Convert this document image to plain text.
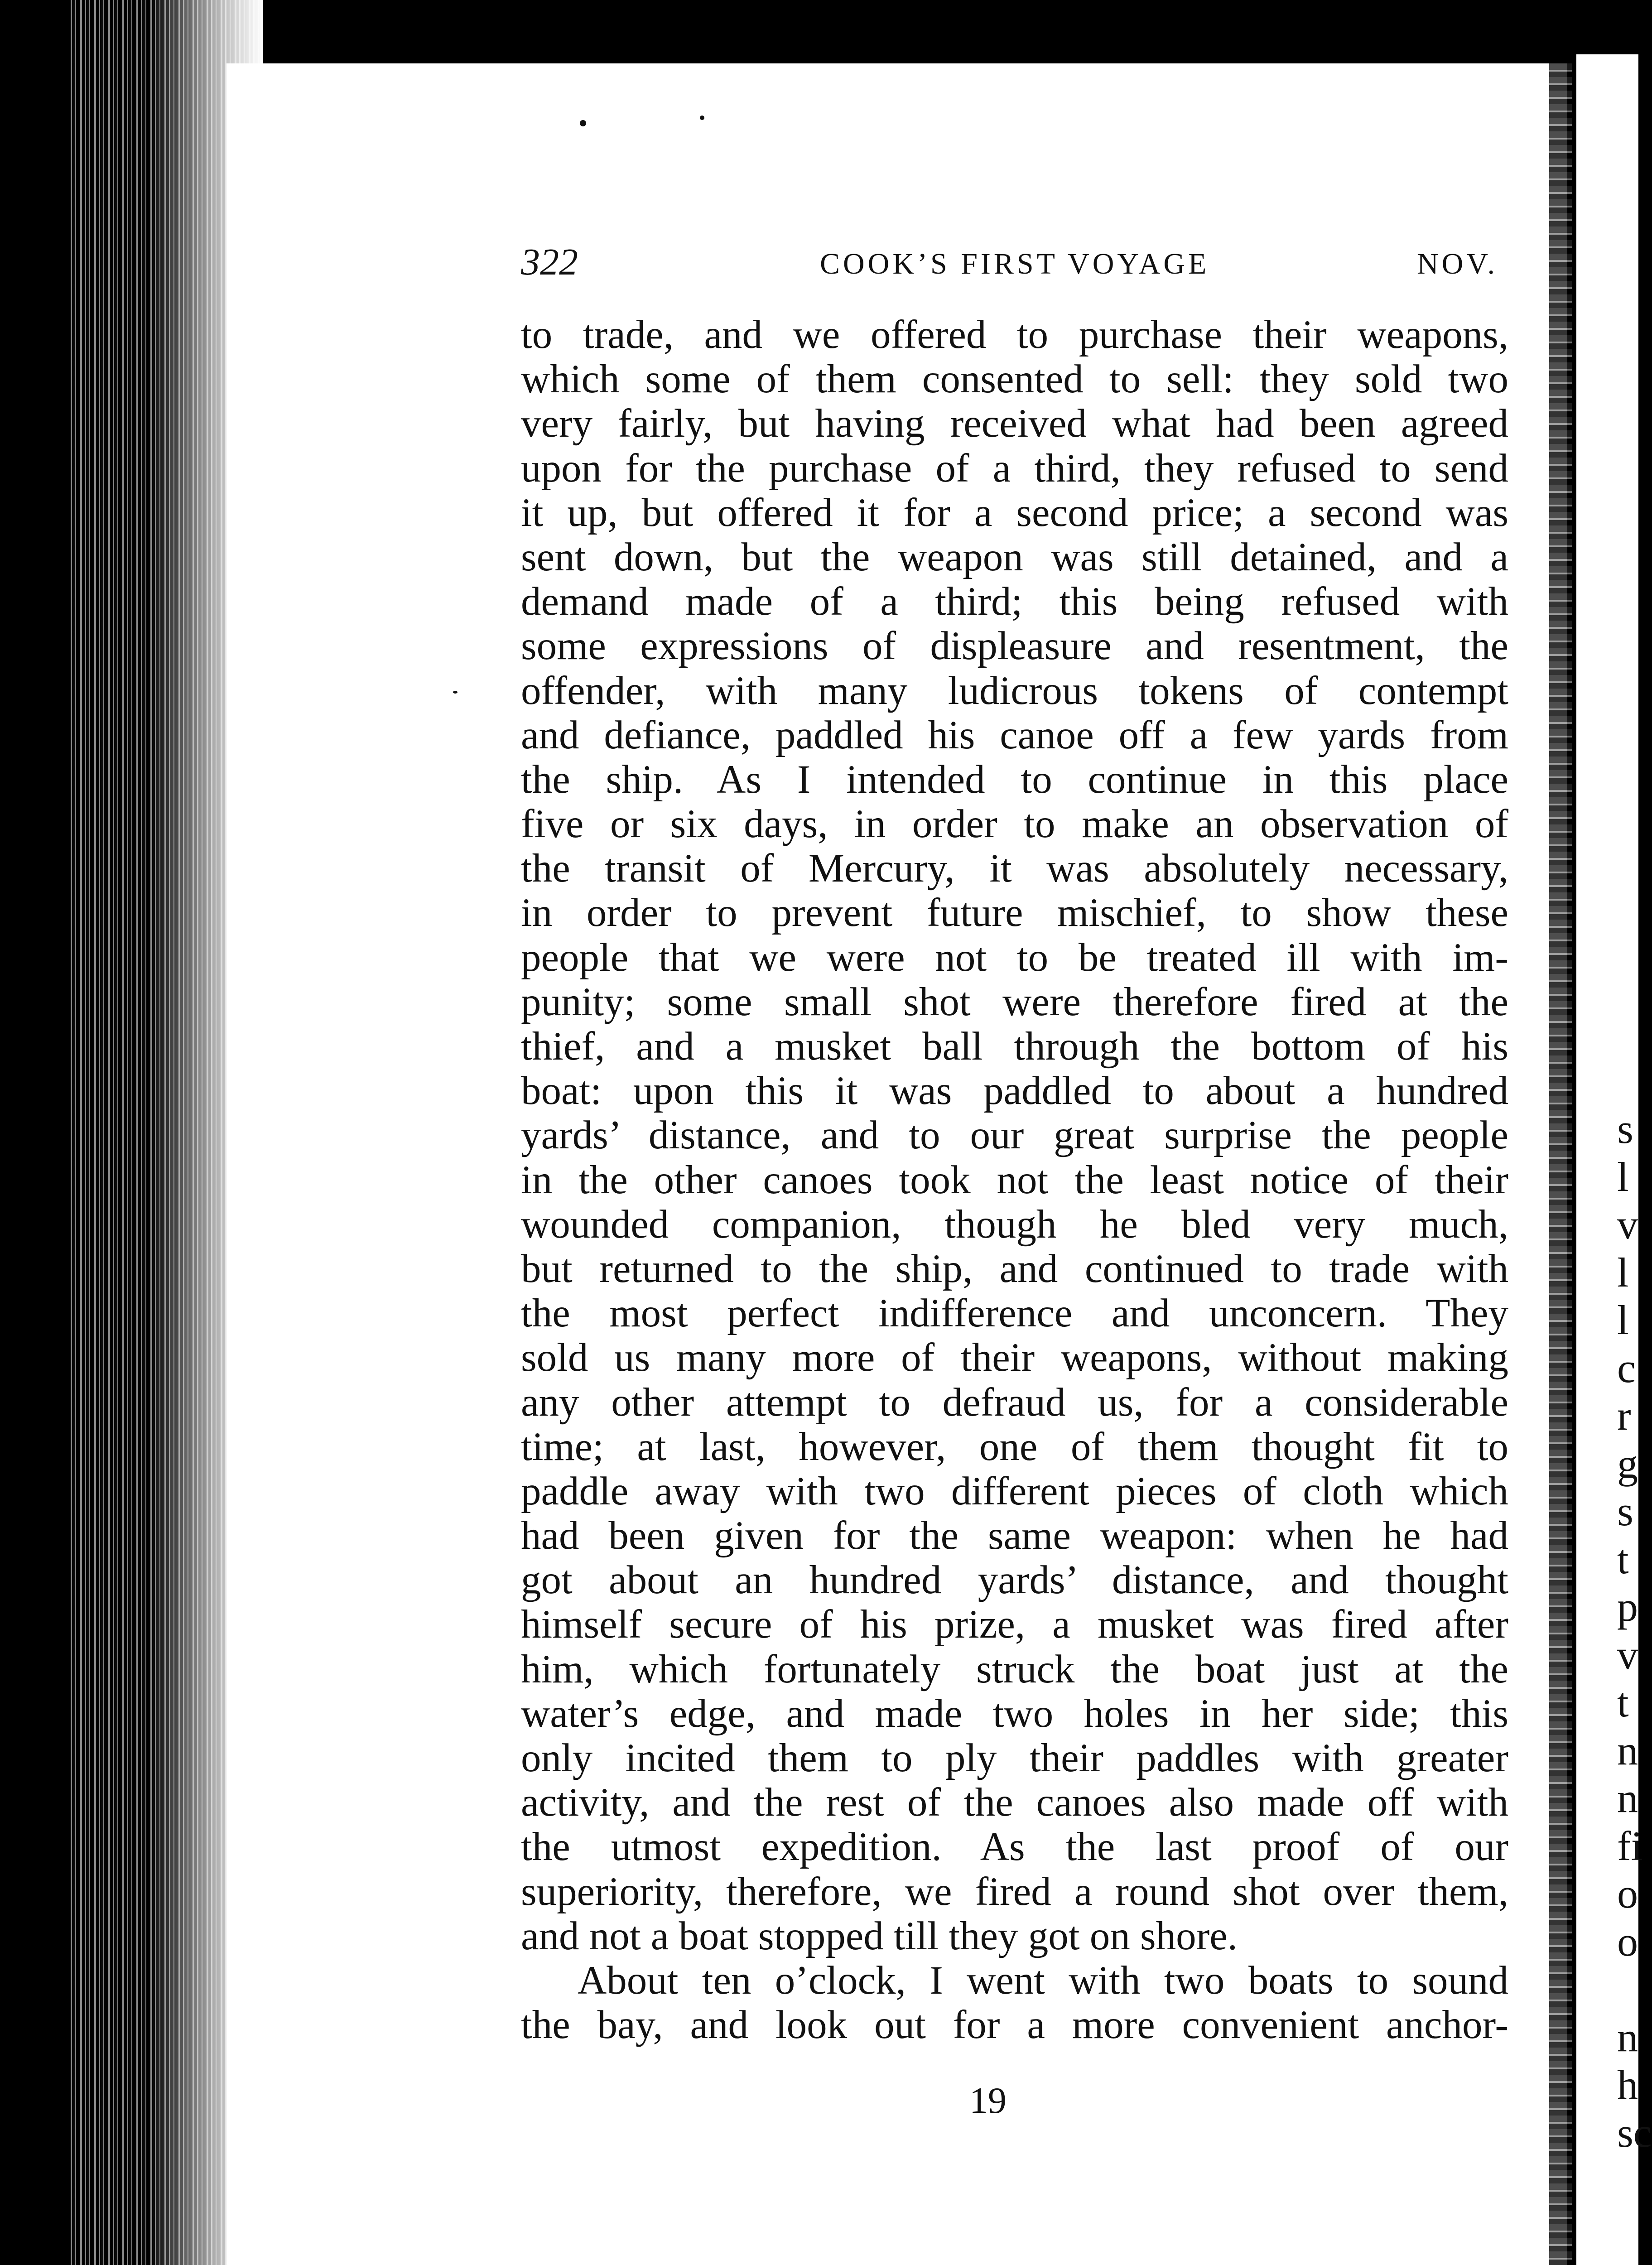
s
l
v
l
l
c
r
g
s
t
p
v
t
n
n
fi
o
o
n
h
sc
322	COOK’S FIRST VOYAGE	NOV.
to trade, and we offered to purchase their weapons,
which some of them consented to sell: they sold two
very fairly, but having received what had been agreed
upon for the purchase of a third, they refused to send
it up, but offered it for a second price; a second was
sent down, but the weapon was still detained, and a
demand made of a third; this being refused with
some expressions of displeasure and resentment, the
offender, with many ludicrous tokens of contempt
and defiance, paddled his canoe off a few yards from
the ship. As I intended to continue in this place
five or six days, in order to make an observation of
the transit of Mercury, it was absolutely necessary,
in order to prevent future mischief, to show these
people that we were not to be treated ill with im-
punity; some small shot were therefore fired at the
thief, and a musket ball through the bottom of his
boat: upon this it was paddled to about a hundred
yards’ distance, and to our great surprise the people
in the other canoes took not the least notice of their
wounded companion, though he bled very much,
but returned to the ship, and continued to trade with
the most perfect indifference and unconcern. They
sold us many more of their weapons, without making
any other attempt to defraud us, for a considerable
time; at last, however, one of them thought fit to
paddle away with two different pieces of cloth which
had been given for the same weapon: when he had
got about an hundred yards’ distance, and thought
himself secure of his prize, a musket was fired after
him, which fortunately struck the boat just at the
water’s edge, and made two holes in her side; this
only incited them to ply their paddles with greater
activity, and the rest of the canoes also made off with
the utmost expedition. As the last proof of our
superiority, therefore, we fired a round shot over them,
and not a boat stopped till they got on shore.
About ten o’clock, I went with two boats to sound
the bay, and look out for a more convenient anchor-
19
